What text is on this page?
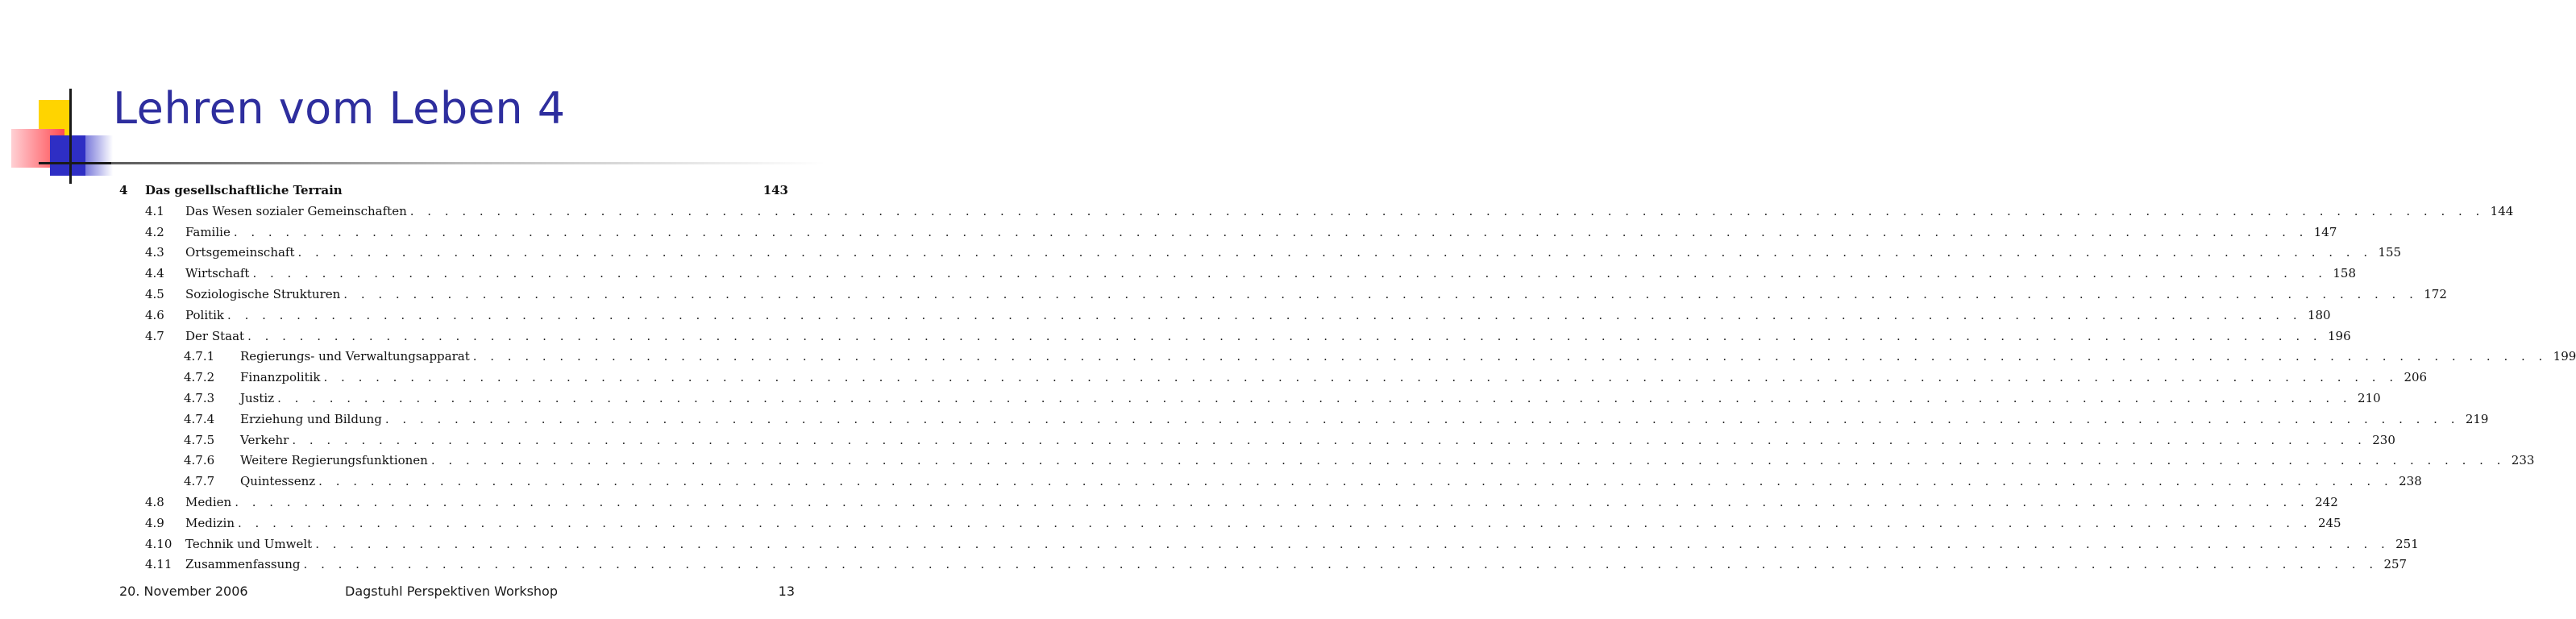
Lehren vom Leben 4
4	Das gesellschaftliche Terrain	143
4.1	Das Wesen sozialer Gemeinschaften . . . . . . . . . . . . . . . . . . . . . . . . . . . . . . . . . . . . . . . . . . . . . . . . . . . . . . . . . . . . . . . . . . . . . . . . . . . . . . . . . . . . . . . . . . . . . . . . . . . . . . . . . . . . . . . . . . . . . . . . 144
4.2	Familie . . . . . . . . . . . . . . . . . . . . . . . . . . . . . . . . . . . . . . . . . . . . . . . . . . . . . . . . . . . . . . . . . . . . . . . . . . . . . . . . . . . . . . . . . . . . . . . . . . . . . . . . . . . . . . . . . . . . . . . . 147
4.3	Ortsgemeinschaft . . . . . . . . . . . . . . . . . . . . . . . . . . . . . . . . . . . . . . . . . . . . . . . . . . . . . . . . . . . . . . . . . . . . . . . . . . . . . . . . . . . . . . . . . . . . . . . . . . . . . . . . . . . . . . . . . . . . . . . . 155
4.4	Wirtschaft . . . . . . . . . . . . . . . . . . . . . . . . . . . . . . . . . . . . . . . . . . . . . . . . . . . . . . . . . . . . . . . . . . . . . . . . . . . . . . . . . . . . . . . . . . . . . . . . . . . . . . . . . . . . . . . . . . . . . . . . 158
4.5	Soziologische Strukturen . . . . . . . . . . . . . . . . . . . . . . . . . . . . . . . . . . . . . . . . . . . . . . . . . . . . . . . . . . . . . . . . . . . . . . . . . . . . . . . . . . . . . . . . . . . . . . . . . . . . . . . . . . . . . . . . . . . . . . . . 172
4.6	Politik . . . . . . . . . . . . . . . . . . . . . . . . . . . . . . . . . . . . . . . . . . . . . . . . . . . . . . . . . . . . . . . . . . . . . . . . . . . . . . . . . . . . . . . . . . . . . . . . . . . . . . . . . . . . . . . . . . . . . . . . 180
4.7	Der Staat . . . . . . . . . . . . . . . . . . . . . . . . . . . . . . . . . . . . . . . . . . . . . . . . . . . . . . . . . . . . . . . . . . . . . . . . . . . . . . . . . . . . . . . . . . . . . . . . . . . . . . . . . . . . . . . . . . . . . . . . 196
4.7.1	Regierungs- und Verwaltungsapparat . . . . . . . . . . . . . . . . . . . . . . . . . . . . . . . . . . . . . . . . . . . . . . . . . . . . . . . . . . . . . . . . . . . . . . . . . . . . . . . . . . . . . . . . . . . . . . . . . . . . . . . . . . . . . . . . . . . . . . . . 199
4.7.2	Finanzpolitik . . . . . . . . . . . . . . . . . . . . . . . . . . . . . . . . . . . . . . . . . . . . . . . . . . . . . . . . . . . . . . . . . . . . . . . . . . . . . . . . . . . . . . . . . . . . . . . . . . . . . . . . . . . . . . . . . . . . . . . . 206
4.7.3	Justiz . . . . . . . . . . . . . . . . . . . . . . . . . . . . . . . . . . . . . . . . . . . . . . . . . . . . . . . . . . . . . . . . . . . . . . . . . . . . . . . . . . . . . . . . . . . . . . . . . . . . . . . . . . . . . . . . . . . . . . . . 210
4.7.4	Erziehung und Bildung . . . . . . . . . . . . . . . . . . . . . . . . . . . . . . . . . . . . . . . . . . . . . . . . . . . . . . . . . . . . . . . . . . . . . . . . . . . . . . . . . . . . . . . . . . . . . . . . . . . . . . . . . . . . . . . . . . . . . . . . 219
4.7.5	Verkehr . . . . . . . . . . . . . . . . . . . . . . . . . . . . . . . . . . . . . . . . . . . . . . . . . . . . . . . . . . . . . . . . . . . . . . . . . . . . . . . . . . . . . . . . . . . . . . . . . . . . . . . . . . . . . . . . . . . . . . . . 230
4.7.6	Weitere Regierungsfunktionen . . . . . . . . . . . . . . . . . . . . . . . . . . . . . . . . . . . . . . . . . . . . . . . . . . . . . . . . . . . . . . . . . . . . . . . . . . . . . . . . . . . . . . . . . . . . . . . . . . . . . . . . . . . . . . . . . . . . . . . . 233
4.7.7	Quintessenz . . . . . . . . . . . . . . . . . . . . . . . . . . . . . . . . . . . . . . . . . . . . . . . . . . . . . . . . . . . . . . . . . . . . . . . . . . . . . . . . . . . . . . . . . . . . . . . . . . . . . . . . . . . . . . . . . . . . . . . . 238
4.8	Medien . . . . . . . . . . . . . . . . . . . . . . . . . . . . . . . . . . . . . . . . . . . . . . . . . . . . . . . . . . . . . . . . . . . . . . . . . . . . . . . . . . . . . . . . . . . . . . . . . . . . . . . . . . . . . . . . . . . . . . . . 242
4.9	Medizin . . . . . . . . . . . . . . . . . . . . . . . . . . . . . . . . . . . . . . . . . . . . . . . . . . . . . . . . . . . . . . . . . . . . . . . . . . . . . . . . . . . . . . . . . . . . . . . . . . . . . . . . . . . . . . . . . . . . . . . . 245
4.10	Technik und Umwelt . . . . . . . . . . . . . . . . . . . . . . . . . . . . . . . . . . . . . . . . . . . . . . . . . . . . . . . . . . . . . . . . . . . . . . . . . . . . . . . . . . . . . . . . . . . . . . . . . . . . . . . . . . . . . . . . . . . . . . . . 251
4.11	Zusammenfassung . . . . . . . . . . . . . . . . . . . . . . . . . . . . . . . . . . . . . . . . . . . . . . . . . . . . . . . . . . . . . . . . . . . . . . . . . . . . . . . . . . . . . . . . . . . . . . . . . . . . . . . . . . . . . . . . . . . . . . . . 257
20. November 2006	Dagstuhl Perspektiven Workshop	13
